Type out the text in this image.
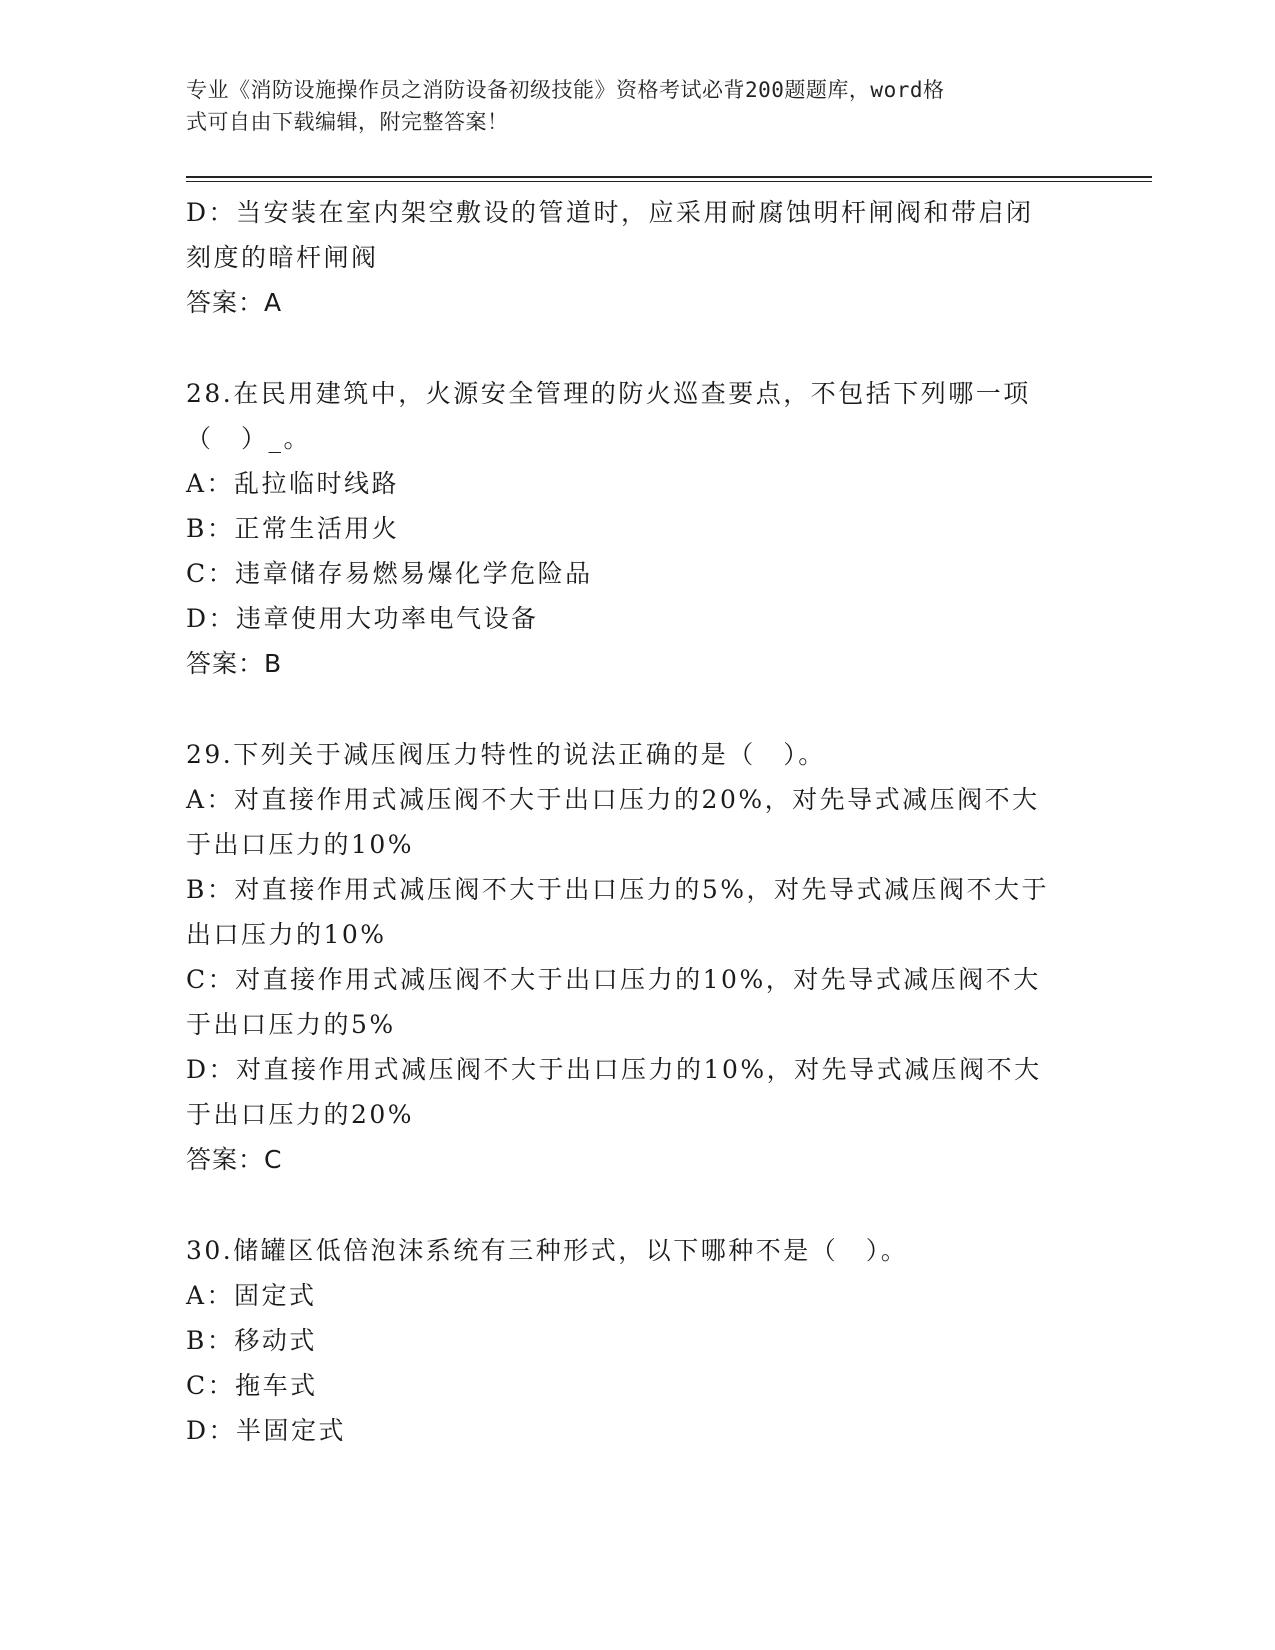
专业《消防设施操作员之消防设备初级技能》资格考试必背200题题库，word格
式可自由下载编辑，附完整答案！
D：当安装在室内架空敷设的管道时，应采用耐腐蚀明杆闸阀和带启闭
刻度的暗杆闸阀
答案：A
28.在民用建筑中，火源安全管理的防火巡查要点，不包括下列哪一项
（　）_。
A：乱拉临时线路
B：正常生活用火
C：违章储存易燃易爆化学危险品
D：违章使用大功率电气设备
答案：B
29.下列关于减压阀压力特性的说法正确的是（　）。
A：对直接作用式减压阀不大于出口压力的20%，对先导式减压阀不大
于出口压力的10%
B：对直接作用式减压阀不大于出口压力的5%，对先导式减压阀不大于
出口压力的10%
C：对直接作用式减压阀不大于出口压力的10%，对先导式减压阀不大
于出口压力的5%
D：对直接作用式减压阀不大于出口压力的10%，对先导式减压阀不大
于出口压力的20%
答案：C
30.储罐区低倍泡沫系统有三种形式，以下哪种不是（　）。
A：固定式
B：移动式
C：拖车式
D：半固定式
